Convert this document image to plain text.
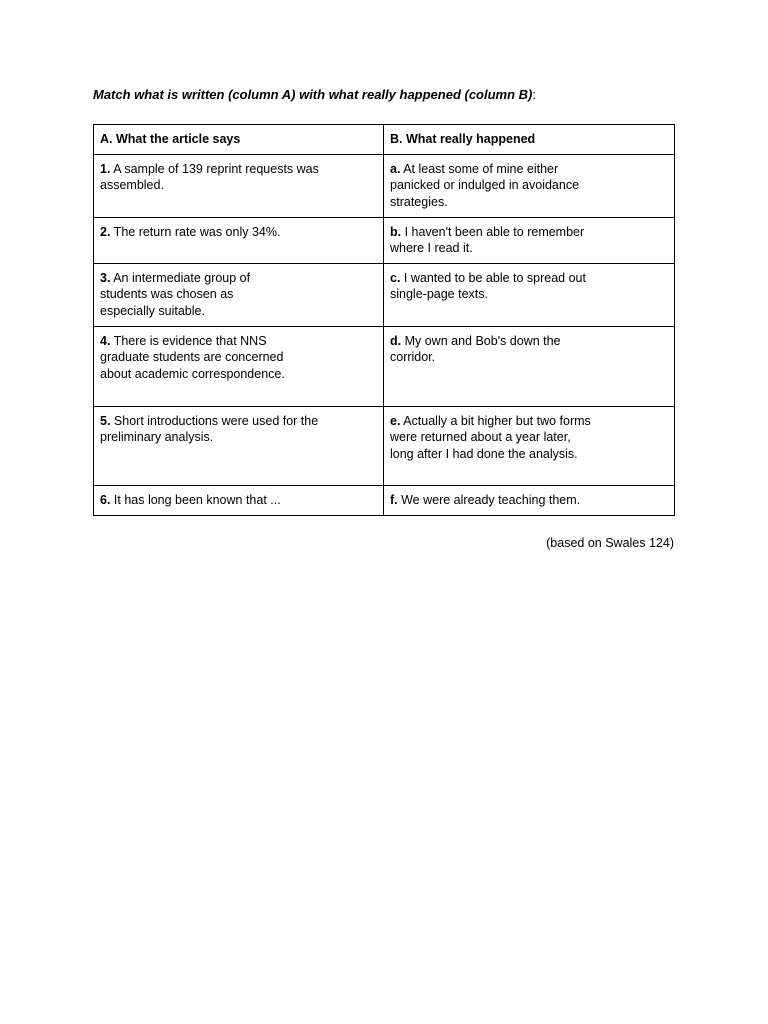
Match what is written (column A) with what really happened (column B):
A. What the article says	B. What really happened
1. A sample of 139 reprint requests was assembled.	a. At least some of mine either panicked or indulged in avoidance strategies.
2. The return rate was only 34%.	b. I haven't been able to remember where I read it.
3. An intermediate group of students was chosen as especially suitable.	c. I wanted to be able to spread out single-page texts.
4. There is evidence that NNS graduate students are concerned about academic correspondence.	d. My own and Bob's down the corridor.
5. Short introductions were used for the preliminary analysis.	e. Actually a bit higher but two forms were returned about a year later, long after I had done the analysis.
6. It has long been known that ...	f. We were already teaching them.
(based on Swales 124)
